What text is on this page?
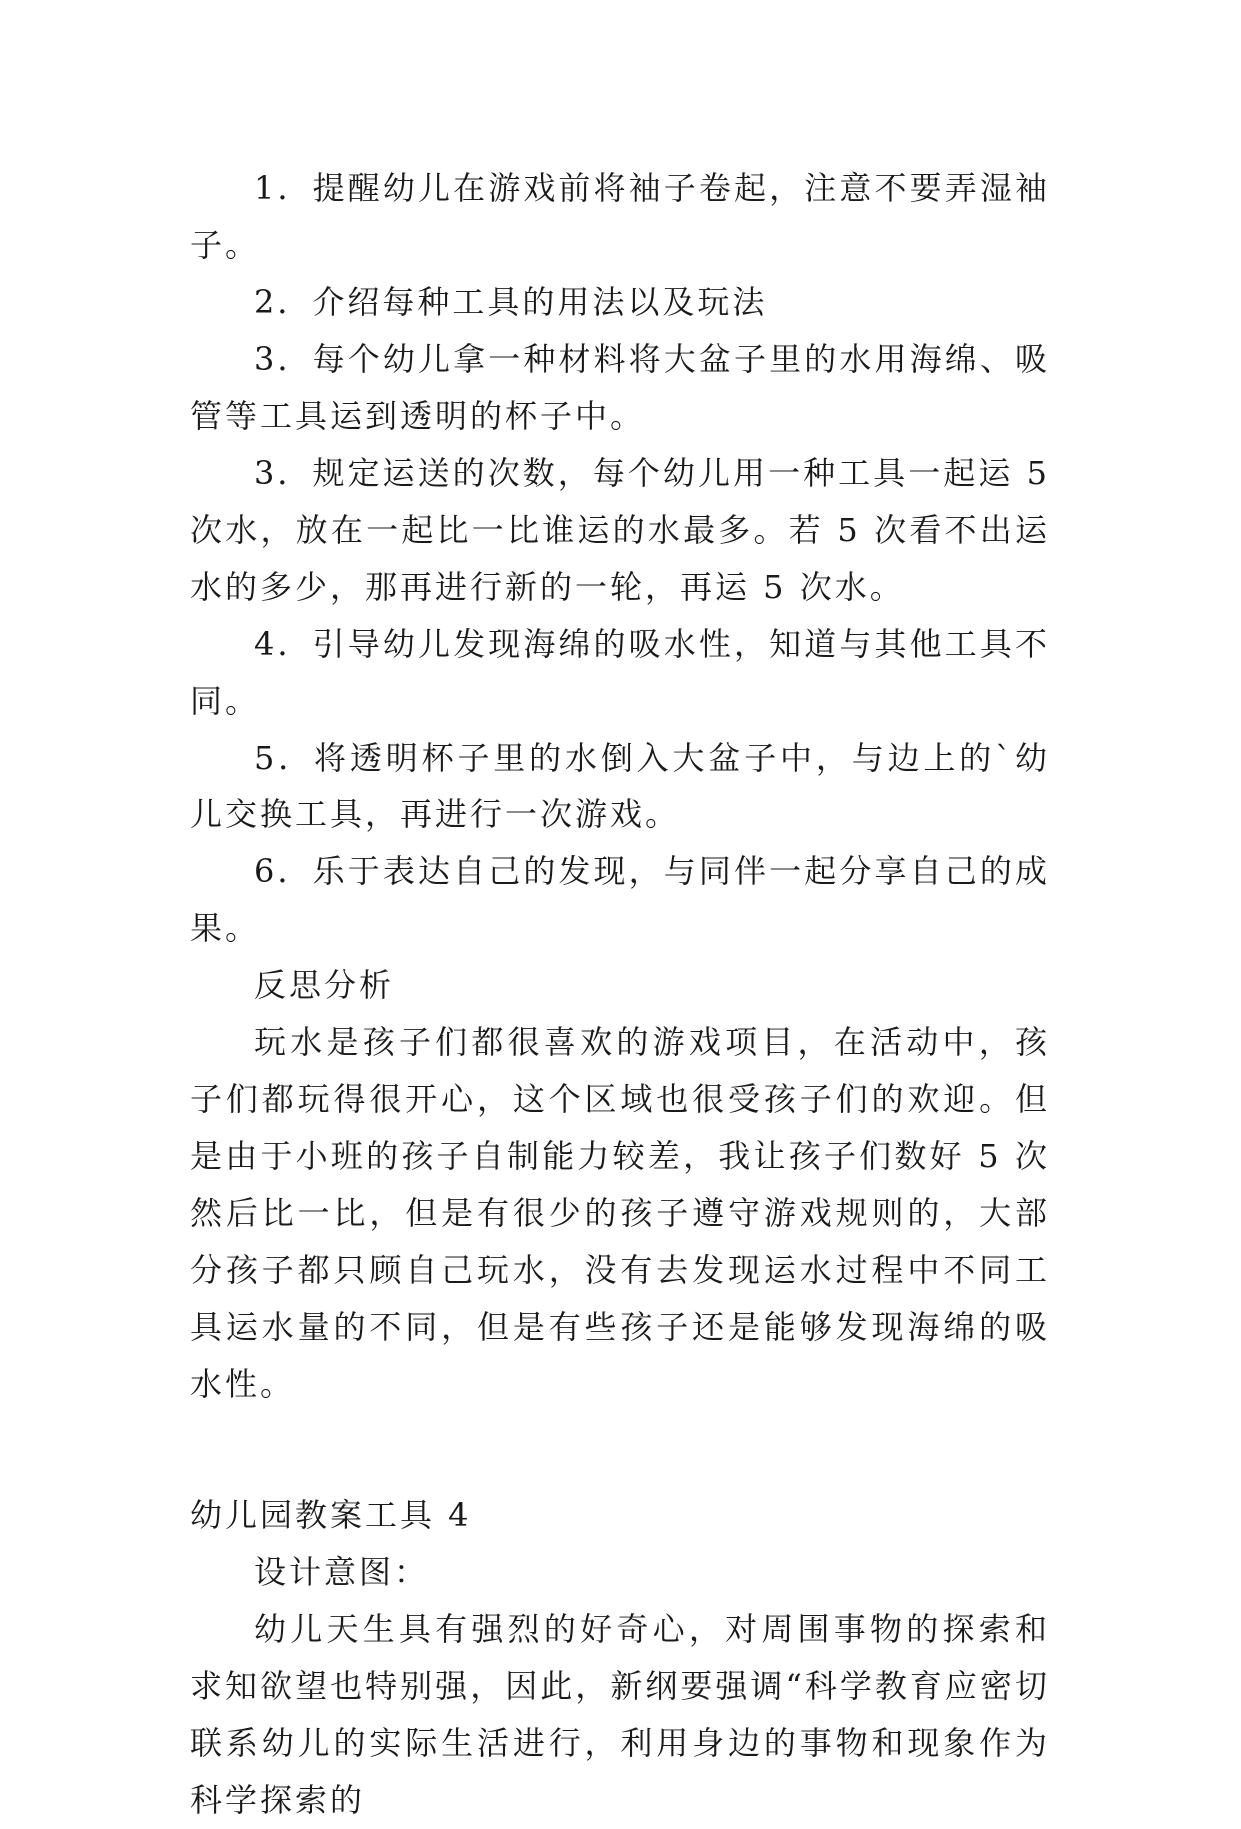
1．提醒幼儿在游戏前将袖子卷起，注意不要弄湿袖子。

2．介绍每种工具的用法以及玩法

3．每个幼儿拿一种材料将大盆子里的水用海绵、吸管等工具运到透明的杯子中。

3．规定运送的次数，每个幼儿用一种工具一起运 5 次水，放在一起比一比谁运的水最多。若 5 次看不出运水的多少，那再进行新的一轮，再运 5 次水。

4．引导幼儿发现海绵的吸水性，知道与其他工具不同。

5．将透明杯子里的水倒入大盆子中，与边上的`幼儿交换工具，再进行一次游戏。

6．乐于表达自己的发现，与同伴一起分享自己的成果。

反思分析

玩水是孩子们都很喜欢的游戏项目，在活动中，孩子们都玩得很开心，这个区域也很受孩子们的欢迎。但是由于小班的孩子自制能力较差，我让孩子们数好 5 次然后比一比，但是有很少的孩子遵守游戏规则的，大部分孩子都只顾自己玩水，没有去发现运水过程中不同工具运水量的不同，但是有些孩子还是能够发现海绵的吸水性。

幼儿园教案工具 4

设计意图：

幼儿天生具有强烈的好奇心，对周围事物的探索和求知欲望也特别强，因此，新纲要强调“科学教育应密切联系幼儿的实际生活进行，利用身边的事物和现象作为科学探索的
